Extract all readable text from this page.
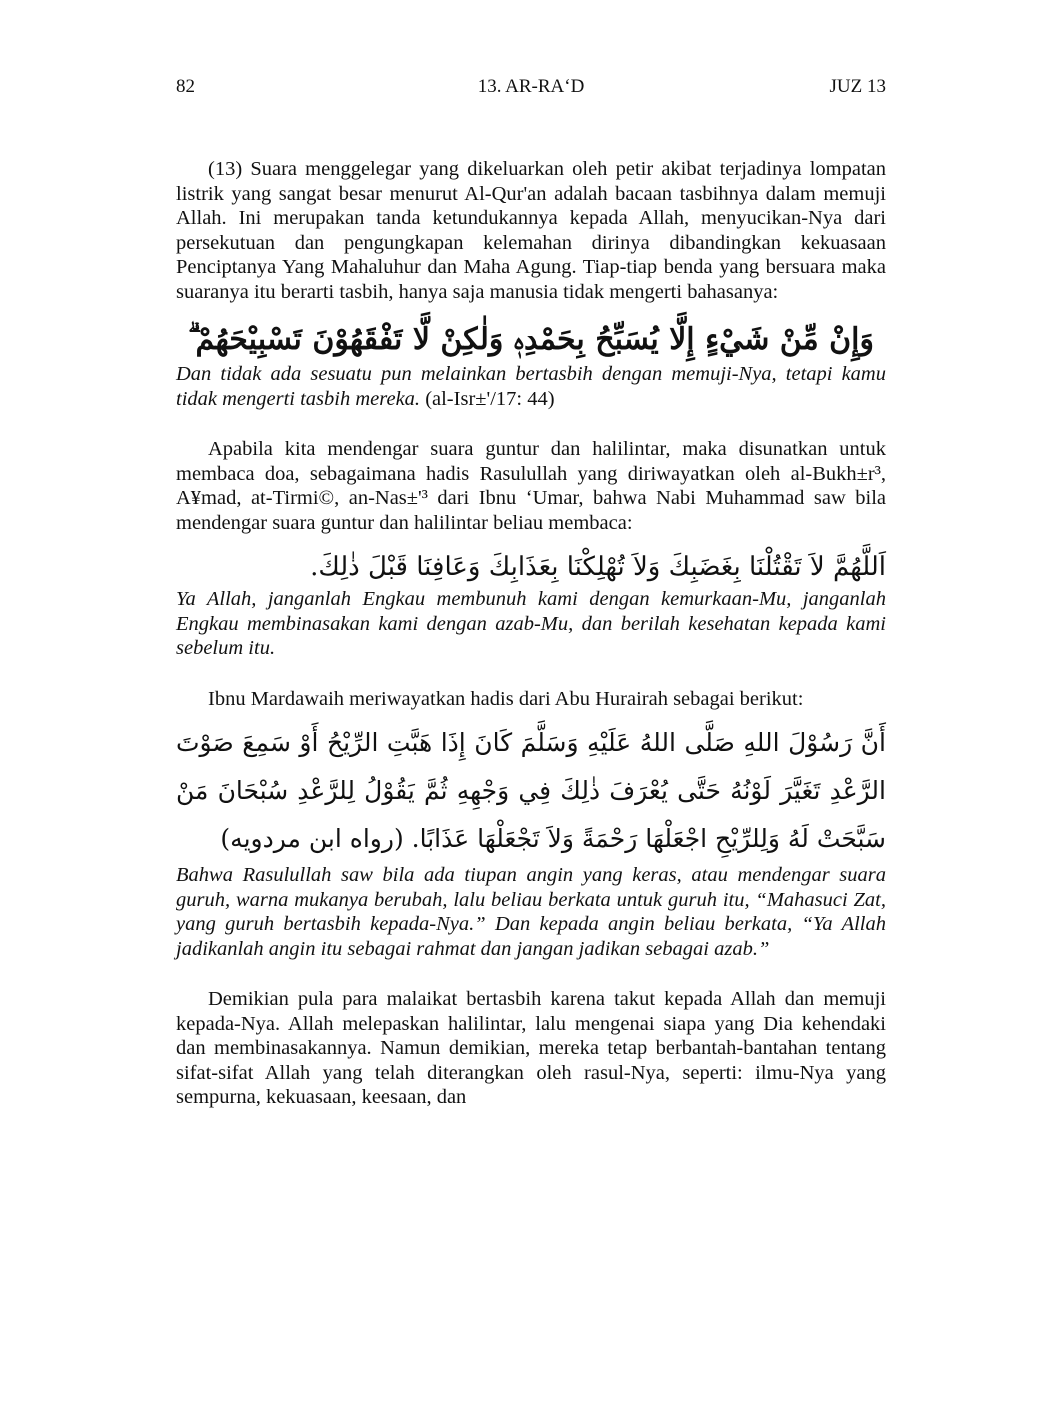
82	13. AR-RA‘D	JUZ 13

(13) Suara menggelegar yang dikeluarkan oleh petir akibat terjadinya lompatan listrik yang sangat besar menurut Al-Qur'an adalah bacaan tasbihnya dalam memuji Allah. Ini merupakan tanda ketundukannya kepada Allah, menyucikan-Nya dari persekutuan dan pengungkapan kelemahan dirinya dibandingkan kekuasaan Penciptanya Yang Mahaluhur dan Maha Agung. Tiap-tiap benda yang bersuara maka suaranya itu berarti tasbih, hanya saja manusia tidak mengerti bahasanya:

وَإِنْ مِّنْ شَيْءٍ إِلَّا يُسَبِّحُ بِحَمْدِهٖ وَلٰكِنْ لَّا تَفْقَهُوْنَ تَسْبِيْحَهُمْ ۗ

Dan tidak ada sesuatu pun melainkan bertasbih dengan memuji-Nya, tetapi kamu tidak mengerti tasbih mereka. (al-Isr±'/17: 44)

Apabila kita mendengar suara guntur dan halilintar, maka disunatkan untuk membaca doa, sebagaimana hadis Rasulullah yang diriwayatkan oleh al-Bukh±r³, A¥mad, at-Tirmi©, an-Nas±'³ dari Ibnu ‘Umar, bahwa Nabi Muhammad saw bila mendengar suara guntur dan halilintar beliau membaca:

اَللَّهُمَّ لاَ تَقْتُلْنَا بِغَضَبِكَ وَلاَ تُهْلِكْنَا بِعَذَابِكَ وَعَافِنَا قَبْلَ ذٰلِكَ.

Ya Allah, janganlah Engkau membunuh kami dengan kemurkaan-Mu, janganlah Engkau membinasakan kami dengan azab-Mu, dan berilah kesehatan kepada kami sebelum itu.

Ibnu Mardawaih meriwayatkan hadis dari Abu Hurairah sebagai berikut:

أَنَّ رَسُوْلَ اللهِ صَلَّى اللهُ عَلَيْهِ وَسَلَّمَ كَانَ إِذَا هَبَّتِ الرِّيْحُ أَوْ سَمِعَ صَوْتَ الرَّعْدِ تَغَيَّرَ لَوْنُهُ حَتَّى يُعْرَفَ ذٰلِكَ فِي وَجْهِهِ ثُمَّ يَقُوْلُ لِلرَّعْدِ سُبْحَانَ مَنْ سَبَّحَتْ لَهُ وَلِلرِّيْحِ اجْعَلْهَا رَحْمَةً وَلاَ تَجْعَلْهَا عَذَابًا. (رواه ابن مردويه)

Bahwa Rasulullah saw bila ada tiupan angin yang keras, atau mendengar suara guruh, warna mukanya berubah, lalu beliau berkata untuk guruh itu, “Mahasuci Zat, yang guruh bertasbih kepada-Nya.” Dan kepada angin beliau berkata, “Ya Allah jadikanlah angin itu sebagai rahmat dan jangan jadikan sebagai azab.”

Demikian pula para malaikat bertasbih karena takut kepada Allah dan memuji kepada-Nya. Allah melepaskan halilintar, lalu mengenai siapa yang Dia kehendaki dan membinasakannya. Namun demikian, mereka tetap berbantah-bantahan tentang sifat-sifat Allah yang telah diterangkan oleh rasul-Nya, seperti: ilmu-Nya yang sempurna, kekuasaan, keesaan, dan
